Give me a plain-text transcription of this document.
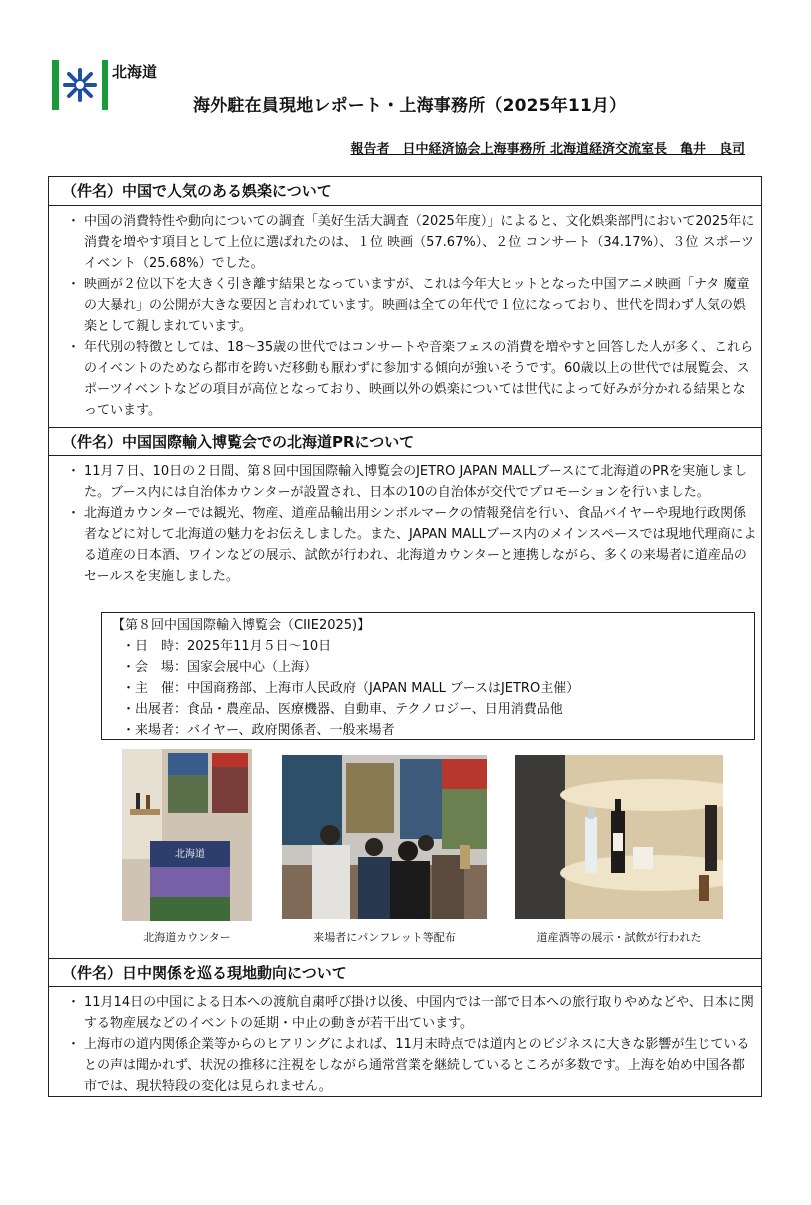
北海道
海外駐在員現地レポート・上海事務所（2025年11月）
報告者　日中経済協会上海事務所 北海道経済交流室長　亀井　良司
（件名）中国で人気のある娯楽について
・ 中国の消費特性や動向についての調査「美好生活大調査（2025年度）」によると、文化娯楽部門において2025年に消費を増やす項目として上位に選ばれたのは、１位 映画（57.67%）、２位 コンサート（34.17%）、３位 スポーツイベント（25.68%）でした。
・ 映画が２位以下を大きく引き離す結果となっていますが、これは今年大ヒットとなった中国アニメ映画「ナタ 魔童の大暴れ」の公開が大きな要因と言われています。映画は全ての年代で１位になっており、世代を問わず人気の娯楽として親しまれています。
・ 年代別の特徴としては、18～35歳の世代ではコンサートや音楽フェスの消費を増やすと回答した人が多く、これらのイベントのためなら都市を跨いだ移動も厭わずに参加する傾向が強いそうです。60歳以上の世代では展覧会、スポーツイベントなどの項目が高位となっており、映画以外の娯楽については世代によって好みが分かれる結果となっています。
（件名）中国国際輸入博覧会での北海道PRについて
・ 11月７日、10日の２日間、第８回中国国際輸入博覧会のJETRO JAPAN MALLブースにて北海道のPRを実施しました。ブース内には自治体カウンターが設置され、日本の10の自治体が交代でプロモーションを行いました。
・ 北海道カウンターでは観光、物産、道産品輸出用シンボルマークの情報発信を行い、食品バイヤーや現地行政関係者などに対して北海道の魅力をお伝えしました。また、JAPAN MALLブース内のメインスペースでは現地代理商による道産の日本酒、ワインなどの展示、試飲が行われ、北海道カウンターと連携しながら、多くの来場者に道産品のセールスを実施しました。
【第８回中国国際輸入博覧会（CIIE2025)】
・日　時：2025年11月５日～10日
・会　場：国家会展中心（上海）
・主　催：中国商務部、上海市人民政府（JAPAN MALL ブースはJETRO主催）
・出展者：食品・農産品、医療機器、自動車、テクノロジー、日用消費品他
・来場者：バイヤー、政府関係者、一般来場者
北海道
北海道カウンター	来場者にパンフレット等配布	道産酒等の展示・試飲が行われた
（件名）日中関係を巡る現地動向について
・ 11月14日の中国による日本への渡航自粛呼び掛け以後、中国内では一部で日本への旅行取りやめなどや、日本に関する物産展などのイベントの延期・中止の動きが若干出ています。
・ 上海市の道内関係企業等からのヒアリングによれば、11月末時点では道内とのビジネスに大きな影響が生じているとの声は聞かれず、状況の推移に注視をしながら通常営業を継続しているところが多数です。上海を始め中国各都市では、現状特段の変化は見られません。
